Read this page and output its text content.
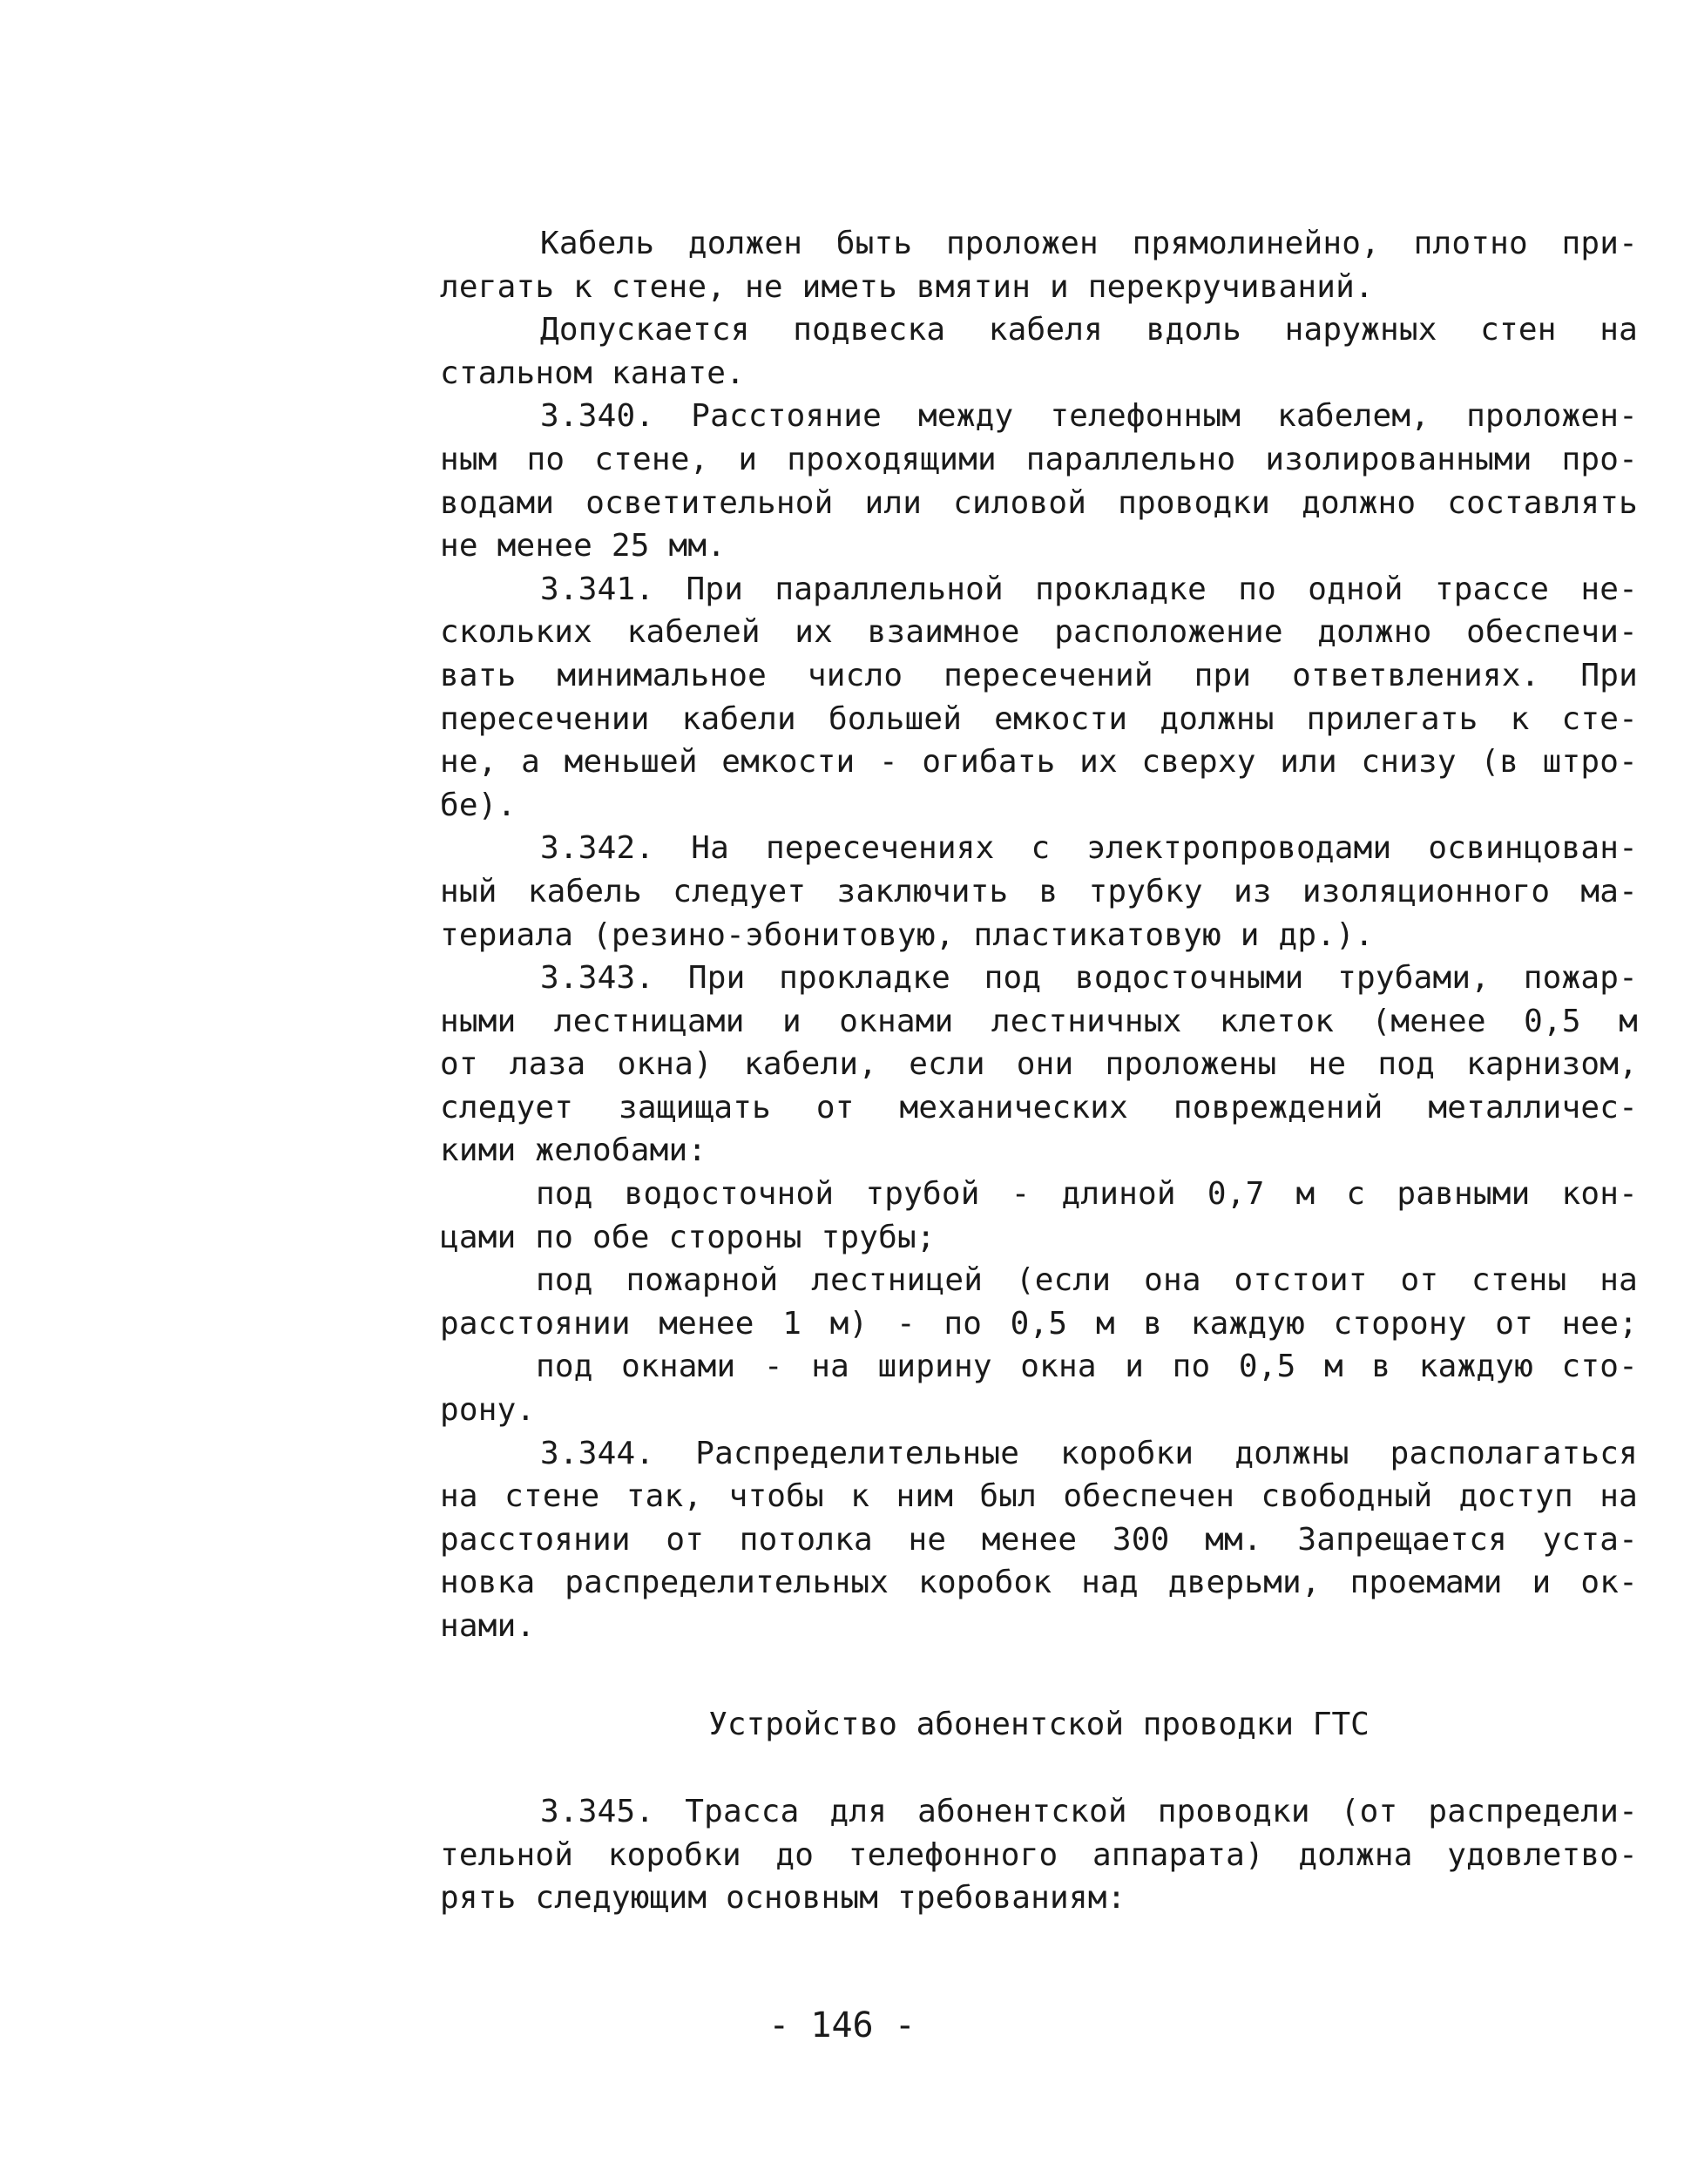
Кабель должен быть проложен прямолинейно, плотно при-
легать к стене, не иметь вмятин и перекручиваний.
Допускается подвеска кабеля вдоль наружных стен на
стальном канате.
3.340. Расстояние между телефонным кабелем, проложен-
ным по стене, и проходящими параллельно изолированными про-
водами осветительной или силовой проводки должно составлять
не менее 25 мм.
3.341. При параллельной прокладке по одной трассе не-
скольких кабелей их взаимное расположение должно обеспечи-
вать минимальное число пересечений при ответвлениях. При
пересечении кабели большей емкости должны прилегать к сте-
не, а меньшей емкости - огибать их сверху или снизу (в штро-
бе).
3.342. На пересечениях с электропроводами освинцован-
ный кабель следует заключить в трубку из изоляционного ма-
териала (резино-эбонитовую, пластикатовую и др.).
3.343. При прокладке под водосточными трубами, пожар-
ными лестницами и окнами лестничных клеток (менее 0,5 м
от лаза окна) кабели, если они проложены не под карнизом,
следует защищать от механических повреждений металличес-
кими желобами:
под водосточной трубой - длиной 0,7 м с равными кон-
цами по обе стороны трубы;
под пожарной лестницей (если она отстоит от стены на
расстоянии менее 1 м) - по 0,5 м в каждую сторону от нее;
под окнами - на ширину окна и по 0,5 м в каждую сто-
рону.
3.344. Распределительные коробки должны располагаться
на стене так, чтобы к ним был обеспечен свободный доступ на
расстоянии от потолка не менее 300 мм. Запрещается уста-
новка распределительных коробок над дверьми, проемами и ок-
нами.
Устройство абонентской проводки ГТС
3.345. Трасса для абонентской проводки (от распредели-
тельной коробки до телефонного аппарата) должна удовлетво-
рять следующим основным требованиям:
- 146 -
